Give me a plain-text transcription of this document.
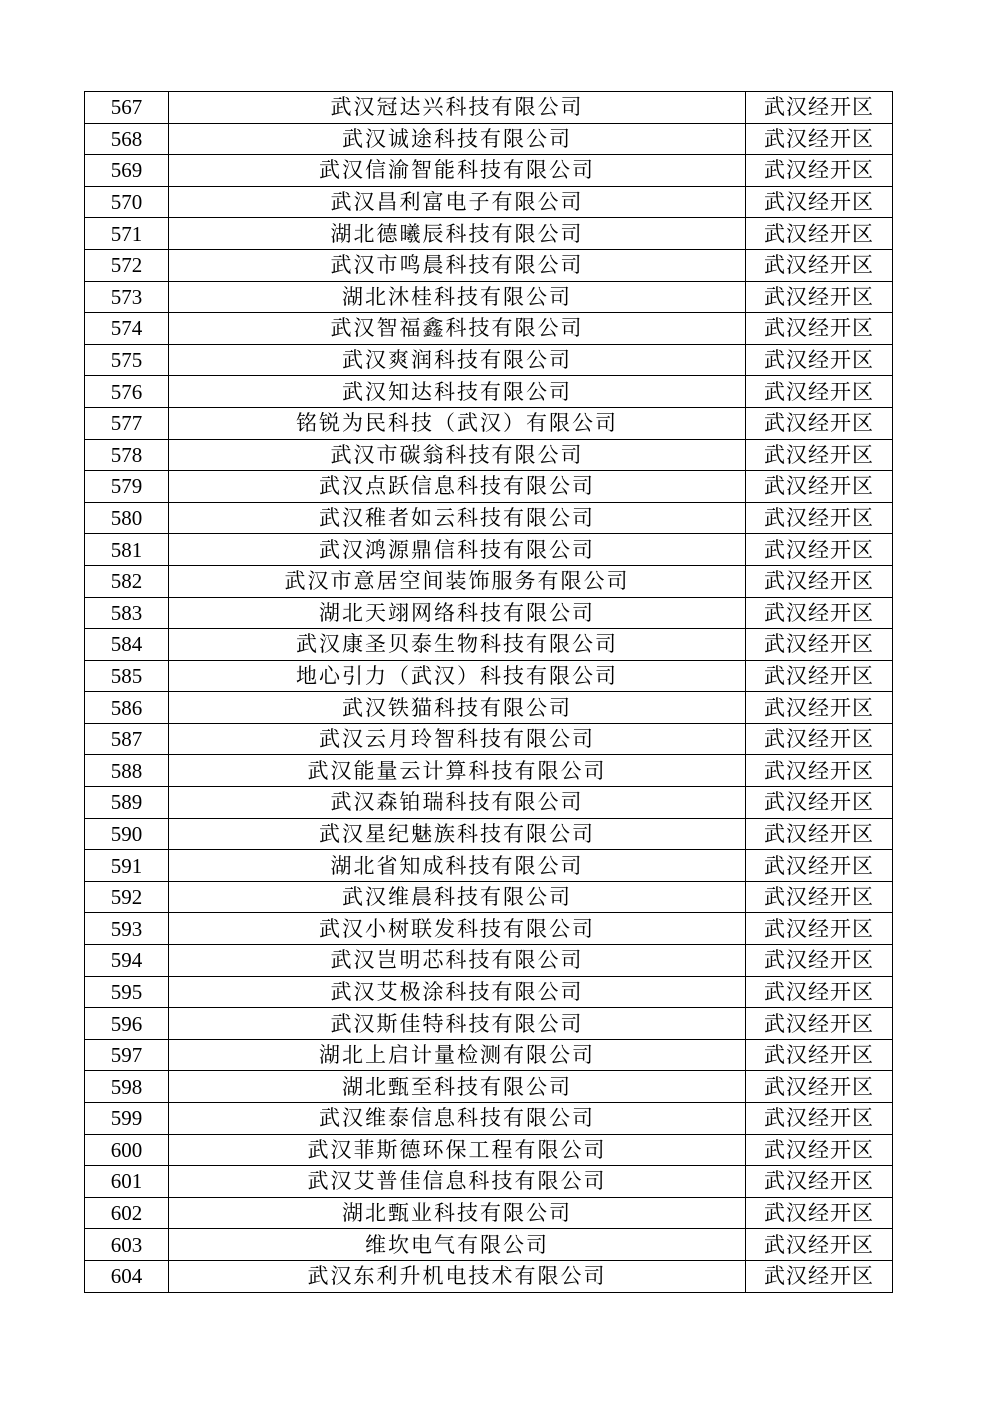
567	武汉冠达兴科技有限公司	武汉经开区
568	武汉诚途科技有限公司	武汉经开区
569	武汉信渝智能科技有限公司	武汉经开区
570	武汉昌利富电子有限公司	武汉经开区
571	湖北德曦辰科技有限公司	武汉经开区
572	武汉市鸣晨科技有限公司	武汉经开区
573	湖北沐桂科技有限公司	武汉经开区
574	武汉智福鑫科技有限公司	武汉经开区
575	武汉爽润科技有限公司	武汉经开区
576	武汉知达科技有限公司	武汉经开区
577	铭锐为民科技（武汉）有限公司	武汉经开区
578	武汉市碳翁科技有限公司	武汉经开区
579	武汉点跃信息科技有限公司	武汉经开区
580	武汉稚者如云科技有限公司	武汉经开区
581	武汉鸿源鼎信科技有限公司	武汉经开区
582	武汉市意居空间装饰服务有限公司	武汉经开区
583	湖北天翊网络科技有限公司	武汉经开区
584	武汉康圣贝泰生物科技有限公司	武汉经开区
585	地心引力（武汉）科技有限公司	武汉经开区
586	武汉铁猫科技有限公司	武汉经开区
587	武汉云月玲智科技有限公司	武汉经开区
588	武汉能量云计算科技有限公司	武汉经开区
589	武汉森铂瑞科技有限公司	武汉经开区
590	武汉星纪魅族科技有限公司	武汉经开区
591	湖北省知成科技有限公司	武汉经开区
592	武汉维晨科技有限公司	武汉经开区
593	武汉小树联发科技有限公司	武汉经开区
594	武汉岂明芯科技有限公司	武汉经开区
595	武汉艾极涂科技有限公司	武汉经开区
596	武汉斯佳特科技有限公司	武汉经开区
597	湖北上启计量检测有限公司	武汉经开区
598	湖北甄至科技有限公司	武汉经开区
599	武汉维泰信息科技有限公司	武汉经开区
600	武汉菲斯德环保工程有限公司	武汉经开区
601	武汉艾普佳信息科技有限公司	武汉经开区
602	湖北甄业科技有限公司	武汉经开区
603	维坎电气有限公司	武汉经开区
604	武汉东利升机电技术有限公司	武汉经开区
